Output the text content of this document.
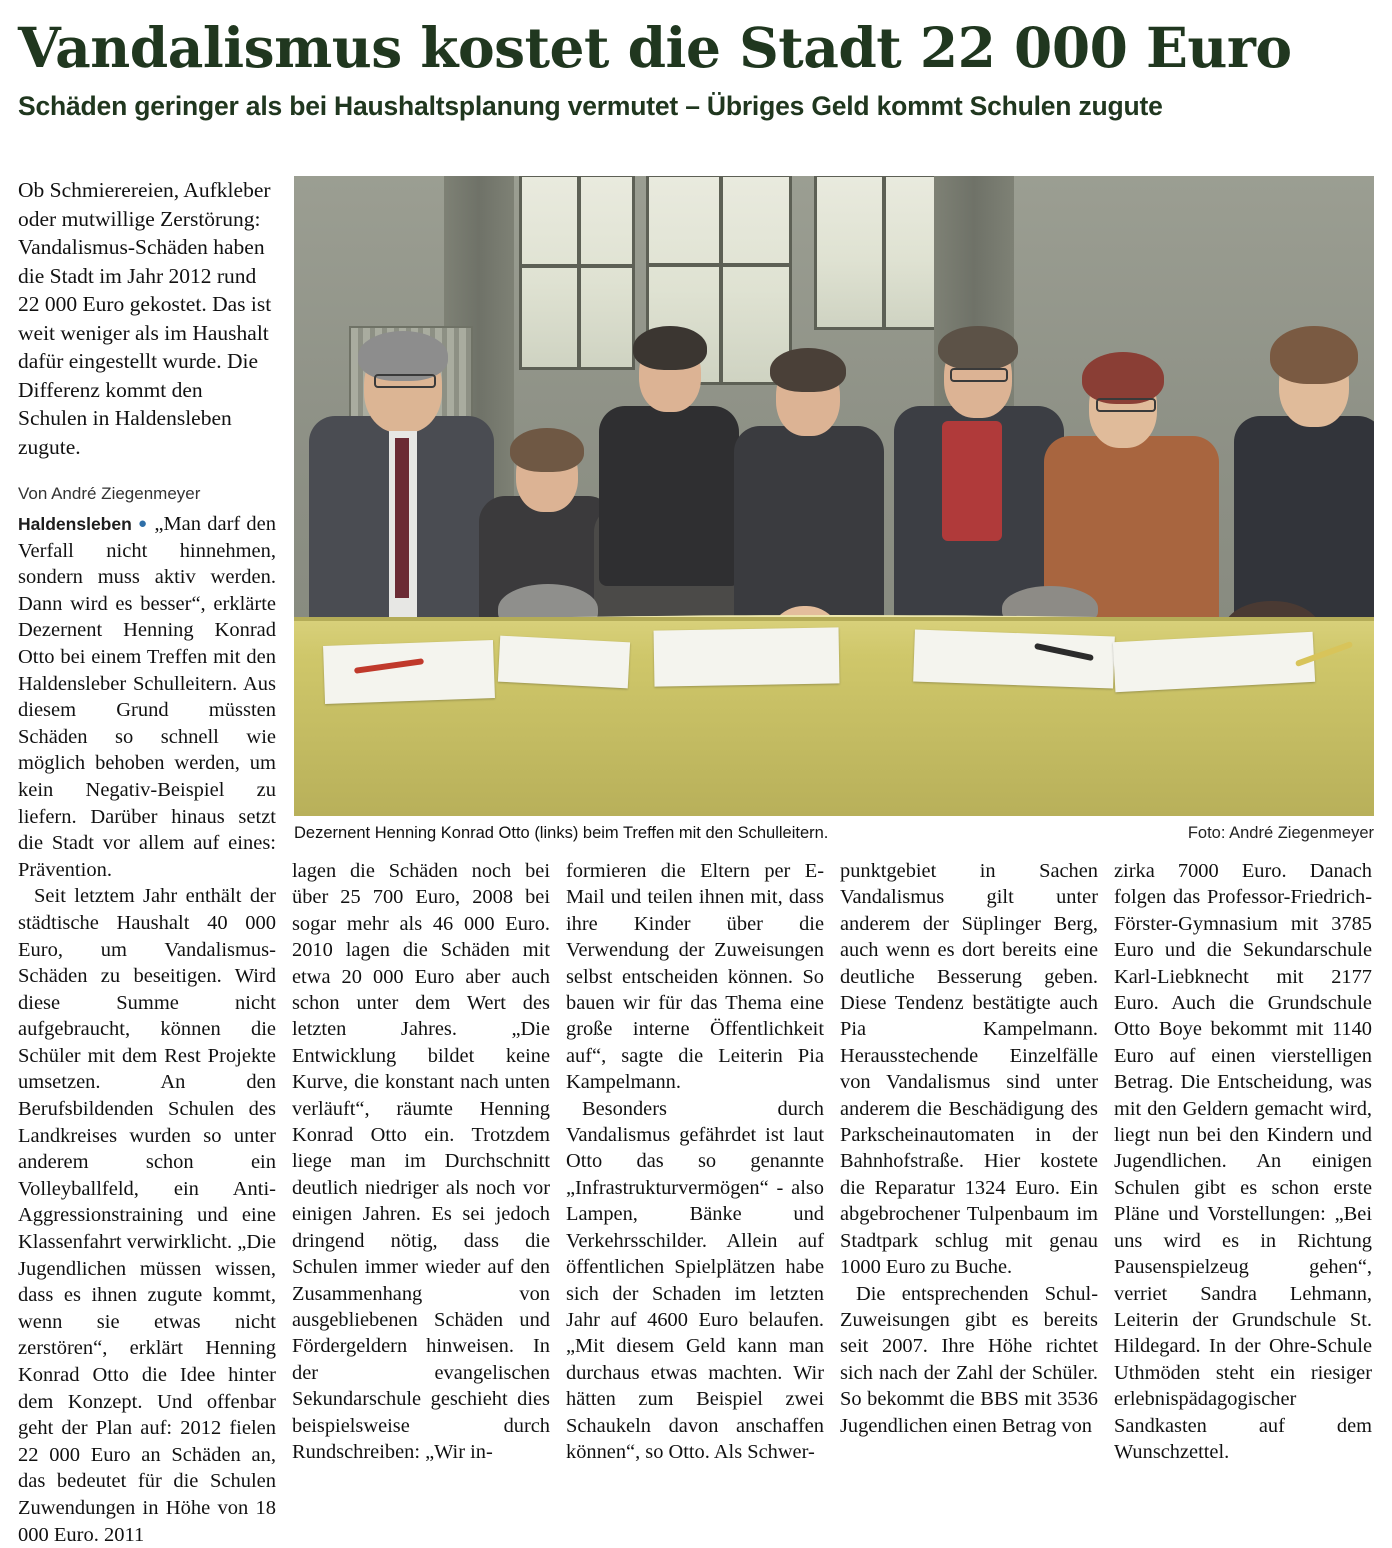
Vandalismus kostet die Stadt 22 000 Euro
Schäden geringer als bei Haushaltsplanung vermutet – Übriges Geld kommt Schulen zugute
Ob Schmierereien, Aufkleber oder mutwillige Zerstörung: Vandalismus-Schäden haben die Stadt im Jahr 2012 rund 22 000 Euro gekostet. Das ist weit weniger als im Haushalt dafür eingestellt wurde. Die Differenz kommt den Schulen in Haldensleben zugute.
Von André Ziegenmeyer
Haldensleben ● „Man darf den Verfall nicht hinnehmen, sondern muss aktiv werden. Dann wird es besser“, erklärte Dezernent Henning Konrad Otto bei einem Treffen mit den Haldensleber Schulleitern. Aus diesem Grund müssten Schäden so schnell wie möglich behoben werden, um kein Negativ-Beispiel zu liefern. Darüber hinaus setzt die Stadt vor allem auf eines: Prävention.
Seit letztem Jahr enthält der städtische Haushalt 40 000 Euro, um Vandalismus-Schäden zu beseitigen. Wird diese Summe nicht aufgebraucht, können die Schüler mit dem Rest Projekte umsetzen. An den Berufsbildenden Schulen des Landkreises wurden so unter anderem schon ein Volleyballfeld, ein Anti-Aggressionstraining und eine Klassenfahrt verwirklicht. „Die Jugendlichen müssen wissen, dass es ihnen zugute kommt, wenn sie etwas nicht zerstören“, erklärt Henning Konrad Otto die Idee hinter dem Konzept. Und offenbar geht der Plan auf: 2012 fielen 22 000 Euro an Schäden an, das bedeutet für die Schulen Zuwendungen in Höhe von 18 000 Euro. 2011
Dezernent Henning Konrad Otto (links) beim Treffen mit den Schulleitern.	Foto: André Ziegenmeyer

lagen die Schäden noch bei über 25 700 Euro, 2008 bei sogar mehr als 46 000 Euro. 2010 lagen die Schäden mit etwa 20 000 Euro aber auch schon unter dem Wert des letzten Jahres. „Die Entwicklung bildet keine Kurve, die konstant nach unten verläuft“, räumte Henning Konrad Otto ein. Trotzdem liege man im Durchschnitt deutlich niedriger als noch vor einigen Jahren. Es sei jedoch dringend nötig, dass die Schulen immer wieder auf den Zusammenhang von ausgebliebenen Schäden und Fördergeldern hinweisen. In der evangelischen Sekundarschule geschieht dies beispielsweise durch Rundschreiben: „Wir in-

formieren die Eltern per E-Mail und teilen ihnen mit, dass ihre Kinder über die Verwendung der Zuweisungen selbst entscheiden können. So bauen wir für das Thema eine große interne Öffentlichkeit auf“, sagte die Leiterin Pia Kampelmann.

Besonders durch Vandalismus gefährdet ist laut Otto das so genannte „Infrastrukturvermögen“ - also Lampen, Bänke und Verkehrsschilder. Allein auf öffentlichen Spielplätzen habe sich der Schaden im letzten Jahr auf 4600 Euro belaufen. „Mit diesem Geld kann man durchaus etwas machten. Wir hätten zum Beispiel zwei Schaukeln davon anschaffen können“, so Otto. Als Schwer-

punktgebiet in Sachen Vandalismus gilt unter anderem der Süplinger Berg, auch wenn es dort bereits eine deutliche Besserung geben. Diese Tendenz bestätigte auch Pia Kampelmann. Herausstechende Einzelfälle von Vandalismus sind unter anderem die Beschädigung des Parkscheinautomaten in der Bahnhofstraße. Hier kostete die Reparatur 1324 Euro. Ein abgebrochener Tulpenbaum im Stadtpark schlug mit genau 1000 Euro zu Buche.

Die entsprechenden Schul-Zuweisungen gibt es bereits seit 2007. Ihre Höhe richtet sich nach der Zahl der Schüler. So bekommt die BBS mit 3536 Jugendlichen einen Betrag von

zirka 7000 Euro. Danach folgen das Professor-Friedrich-Förster-Gymnasium mit 3785 Euro und die Sekundarschule Karl-Liebknecht mit 2177 Euro. Auch die Grundschule Otto Boye bekommt mit 1140 Euro auf einen vierstelligen Betrag. Die Entscheidung, was mit den Geldern gemacht wird, liegt nun bei den Kindern und Jugendlichen. An einigen Schulen gibt es schon erste Pläne und Vorstellungen: „Bei uns wird es in Richtung Pausenspielzeug gehen“, verriet Sandra Lehmann, Leiterin der Grundschule St. Hildegard. In der Ohre-Schule Uthmöden steht ein riesiger erlebnispädagogischer Sandkasten auf dem Wunschzettel.
